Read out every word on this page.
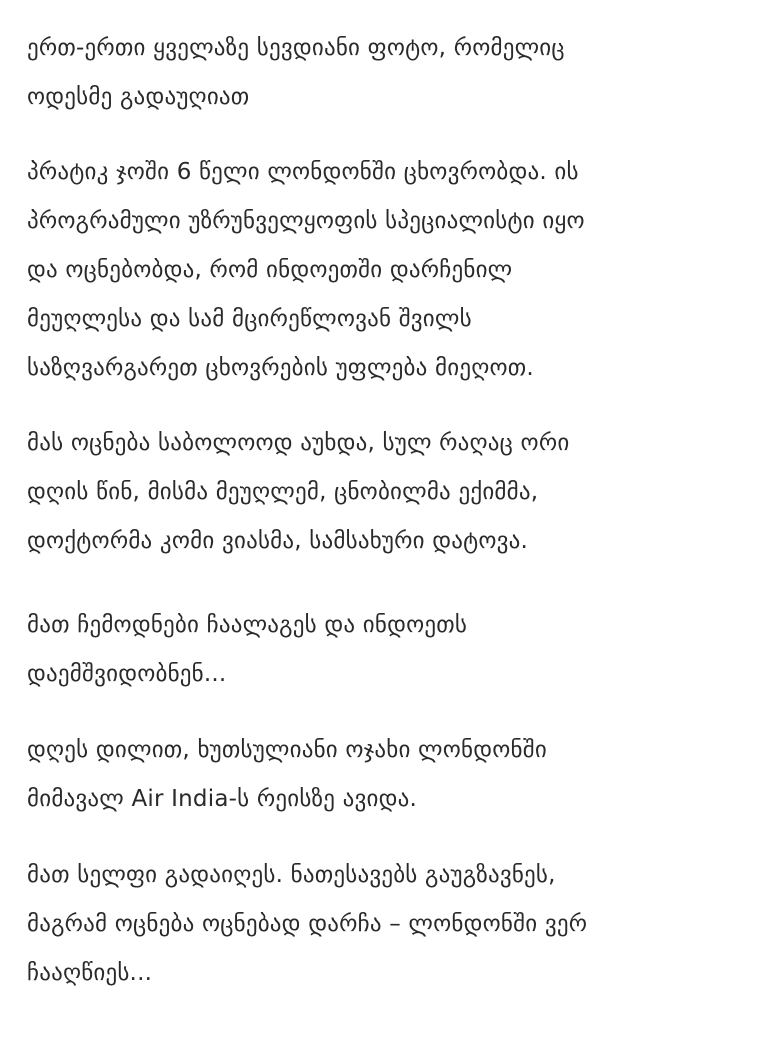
ერთ-ერთი ყველაზე სევდიანი ფოტო, რომელიც
ოდესმე გადაუღიათ

პრატიკ ჯოში 6 წელი ლონდონში ცხოვრობდა. ის
პროგრამული უზრუნველყოფის სპეციალისტი იყო
და ოცნებობდა, რომ ინდოეთში დარჩენილ
მეუღლესა და სამ მცირეწლოვან შვილს
საზღვარგარეთ ცხოვრების უფლება მიეღოთ.

მას ოცნება საბოლოოდ აუხდა, სულ რაღაც ორი
დღის წინ, მისმა მეუღლემ, ცნობილმა ექიმმა,
დოქტორმა კომი ვიასმა, სამსახური დატოვა.

მათ ჩემოდნები ჩაალაგეს და ინდოეთს
დაემშვიდობნენ...

დღეს დილით, ხუთსულიანი ოჯახი ლონდონში
მიმავალ Air India-ს რეისზე ავიდა.

მათ სელფი გადაიღეს. ნათესავებს გაუგზავნეს,
მაგრამ ოცნება ოცნებად დარჩა – ლონდონში ვერ
ჩააღწიეს...
